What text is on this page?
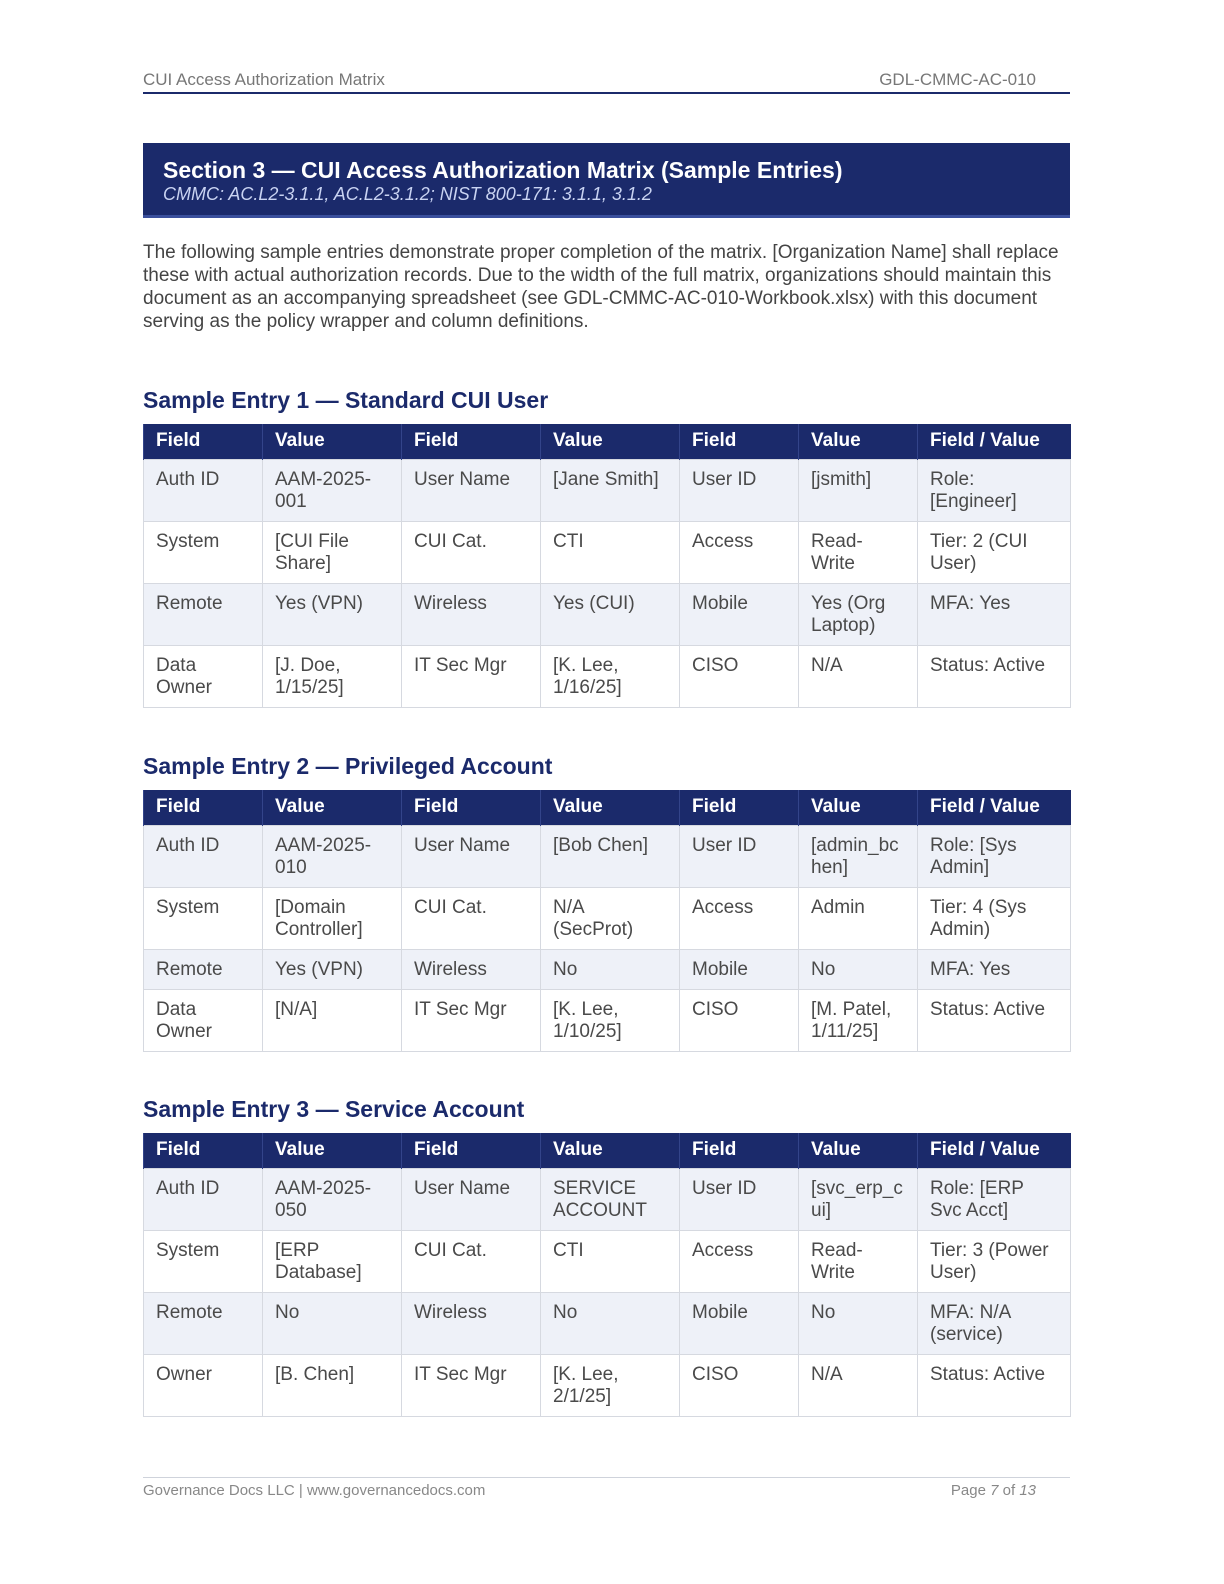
CUI Access Authorization Matrix	GDL-CMMC-AC-010
Section 3 — CUI Access Authorization Matrix (Sample Entries)
CMMC: AC.L2-3.1.1, AC.L2-3.1.2; NIST 800-171: 3.1.1, 3.1.2

The following sample entries demonstrate proper completion of the matrix. [Organization Name] shall replace these with actual authorization records. Due to the width of the full matrix, organizations should maintain this document as an accompanying spreadsheet (see GDL-CMMC-AC-010-Workbook.xlsx) with this document serving as the policy wrapper and column definitions.

Sample Entry 1 — Standard CUI User
Field	Value	Field	Value	Field	Value	Field / Value
Auth ID	AAM-2025-001	User Name	[Jane Smith]	User ID	[jsmith]	Role: [Engineer]
System	[CUI File Share]	CUI Cat.	CTI	Access	Read-Write	Tier: 2 (CUI User)
Remote	Yes (VPN)	Wireless	Yes (CUI)	Mobile	Yes (Org Laptop)	MFA: Yes
Data Owner	[J. Doe, 1/15/25]	IT Sec Mgr	[K. Lee, 1/16/25]	CISO	N/A	Status: Active
Sample Entry 2 — Privileged Account
Field	Value	Field	Value	Field	Value	Field / Value
Auth ID	AAM-2025-010	User Name	[Bob Chen]	User ID	[admin_bchen]	Role: [Sys Admin]
System	[Domain Controller]	CUI Cat.	N/A (SecProt)	Access	Admin	Tier: 4 (Sys Admin)
Remote	Yes (VPN)	Wireless	No	Mobile	No	MFA: Yes
Data Owner	[N/A]	IT Sec Mgr	[K. Lee, 1/10/25]	CISO	[M. Patel, 1/11/25]	Status: Active
Sample Entry 3 — Service Account
Field	Value	Field	Value	Field	Value	Field / Value
Auth ID	AAM-2025-050	User Name	SERVICE ACCOUNT	User ID	[svc_erp_cui]	Role: [ERP Svc Acct]
System	[ERP Database]	CUI Cat.	CTI	Access	Read-Write	Tier: 3 (Power User)
Remote	No	Wireless	No	Mobile	No	MFA: N/A (service)
Owner	[B. Chen]	IT Sec Mgr	[K. Lee, 2/1/25]	CISO	N/A	Status: Active
Governance Docs LLC | www.governancedocs.com	Page 7 of 13
